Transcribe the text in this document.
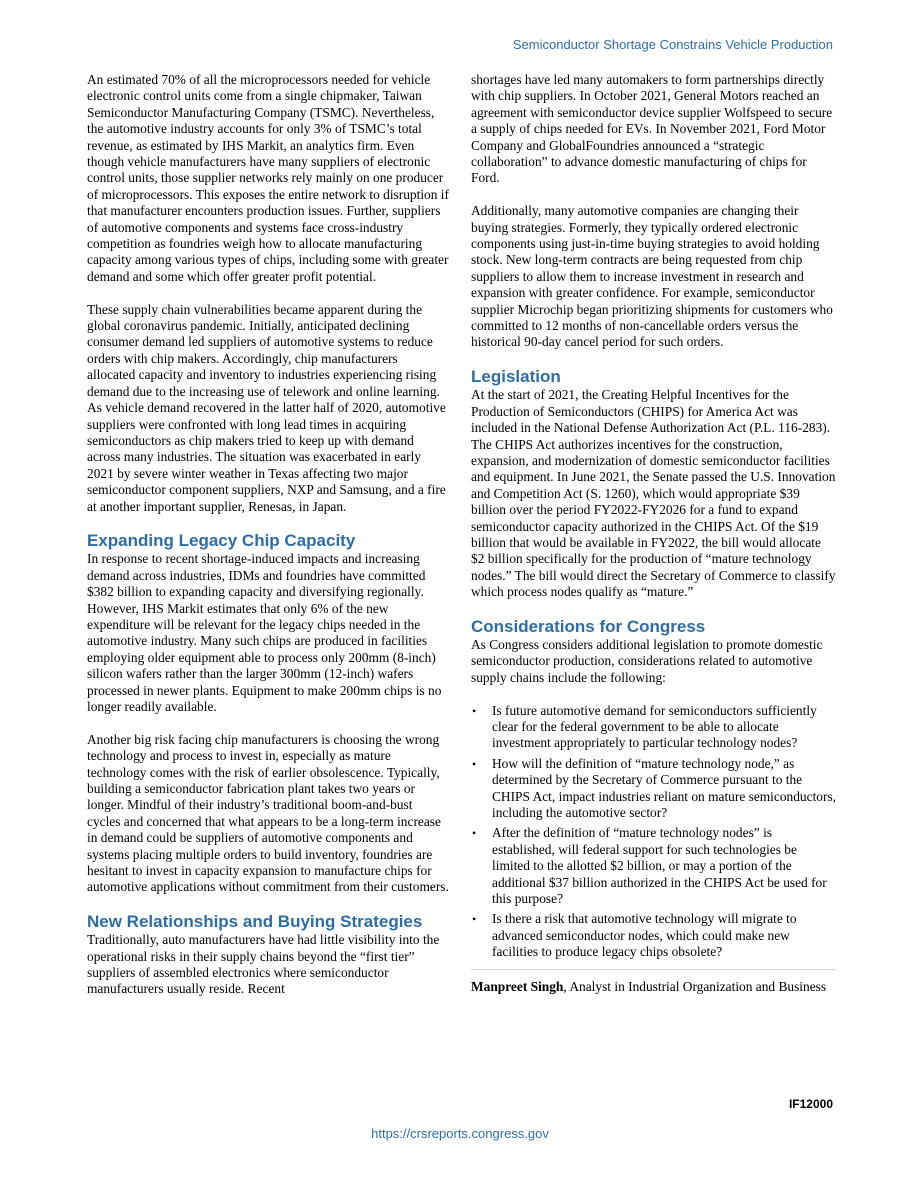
Semiconductor Shortage Constrains Vehicle Production

An estimated 70% of all the microprocessors needed for vehicle electronic control units come from a single chipmaker, Taiwan Semiconductor Manufacturing Company (TSMC). Nevertheless, the automotive industry accounts for only 3% of TSMC’s total revenue, as estimated by IHS Markit, an analytics firm. Even though vehicle manufacturers have many suppliers of electronic control units, those supplier networks rely mainly on one producer of microprocessors. This exposes the entire network to disruption if that manufacturer encounters production issues. Further, suppliers of automotive components and systems face cross-industry competition as foundries weigh how to allocate manufacturing capacity among various types of chips, including some with greater demand and some which offer greater profit potential.

These supply chain vulnerabilities became apparent during the global coronavirus pandemic. Initially, anticipated declining consumer demand led suppliers of automotive systems to reduce orders with chip makers. Accordingly, chip manufacturers allocated capacity and inventory to industries experiencing rising demand due to the increasing use of telework and online learning. As vehicle demand recovered in the latter half of 2020, automotive suppliers were confronted with long lead times in acquiring semiconductors as chip makers tried to keep up with demand across many industries. The situation was exacerbated in early 2021 by severe winter weather in Texas affecting two major semiconductor component suppliers, NXP and Samsung, and a fire at another important supplier, Renesas, in Japan.

Expanding Legacy Chip Capacity

In response to recent shortage-induced impacts and increasing demand across industries, IDMs and foundries have committed $382 billion to expanding capacity and diversifying regionally. However, IHS Markit estimates that only 6% of the new expenditure will be relevant for the legacy chips needed in the automotive industry. Many such chips are produced in facilities employing older equipment able to process only 200mm (8-inch) silicon wafers rather than the larger 300mm (12-inch) wafers processed in newer plants. Equipment to make 200mm chips is no longer readily available.

Another big risk facing chip manufacturers is choosing the wrong technology and process to invest in, especially as mature technology comes with the risk of earlier obsolescence. Typically, building a semiconductor fabrication plant takes two years or longer. Mindful of their industry’s traditional boom-and-bust cycles and concerned that what appears to be a long-term increase in demand could be suppliers of automotive components and systems placing multiple orders to build inventory, foundries are hesitant to invest in capacity expansion to manufacture chips for automotive applications without commitment from their customers.

New Relationships and Buying Strategies

Traditionally, auto manufacturers have had little visibility into the operational risks in their supply chains beyond the “first tier” suppliers of assembled electronics where semiconductor manufacturers usually reside. Recent

shortages have led many automakers to form partnerships directly with chip suppliers. In October 2021, General Motors reached an agreement with semiconductor device supplier Wolfspeed to secure a supply of chips needed for EVs. In November 2021, Ford Motor Company and GlobalFoundries announced a “strategic collaboration” to advance domestic manufacturing of chips for Ford.

Additionally, many automotive companies are changing their buying strategies. Formerly, they typically ordered electronic components using just-in-time buying strategies to avoid holding stock. New long-term contracts are being requested from chip suppliers to allow them to increase investment in research and expansion with greater confidence. For example, semiconductor supplier Microchip began prioritizing shipments for customers who committed to 12 months of non-cancellable orders versus the historical 90-day cancel period for such orders.

Legislation

At the start of 2021, the Creating Helpful Incentives for the Production of Semiconductors (CHIPS) for America Act was included in the National Defense Authorization Act (P.L. 116-283). The CHIPS Act authorizes incentives for the construction, expansion, and modernization of domestic semiconductor facilities and equipment. In June 2021, the Senate passed the U.S. Innovation and Competition Act (S. 1260), which would appropriate $39 billion over the period FY2022-FY2026 for a fund to expand semiconductor capacity authorized in the CHIPS Act. Of the $19 billion that would be available in FY2022, the bill would allocate $2 billion specifically for the production of “mature technology nodes.” The bill would direct the Secretary of Commerce to classify which process nodes qualify as “mature.”

Considerations for Congress

As Congress considers additional legislation to promote domestic semiconductor production, considerations related to automotive supply chains include the following:

• Is future automotive demand for semiconductors sufficiently clear for the federal government to be able to allocate investment appropriately to particular technology nodes?
• How will the definition of “mature technology node,” as determined by the Secretary of Commerce pursuant to the CHIPS Act, impact industries reliant on mature semiconductors, including the automotive sector?
• After the definition of “mature technology nodes” is established, will federal support for such technologies be limited to the allotted $2 billion, or may a portion of the additional $37 billion authorized in the CHIPS Act be used for this purpose?
• Is there a risk that automotive technology will migrate to advanced semiconductor nodes, which could make new facilities to produce legacy chips obsolete?

Manpreet Singh, Analyst in Industrial Organization and Business

IF12000
https://crsreports.congress.gov
